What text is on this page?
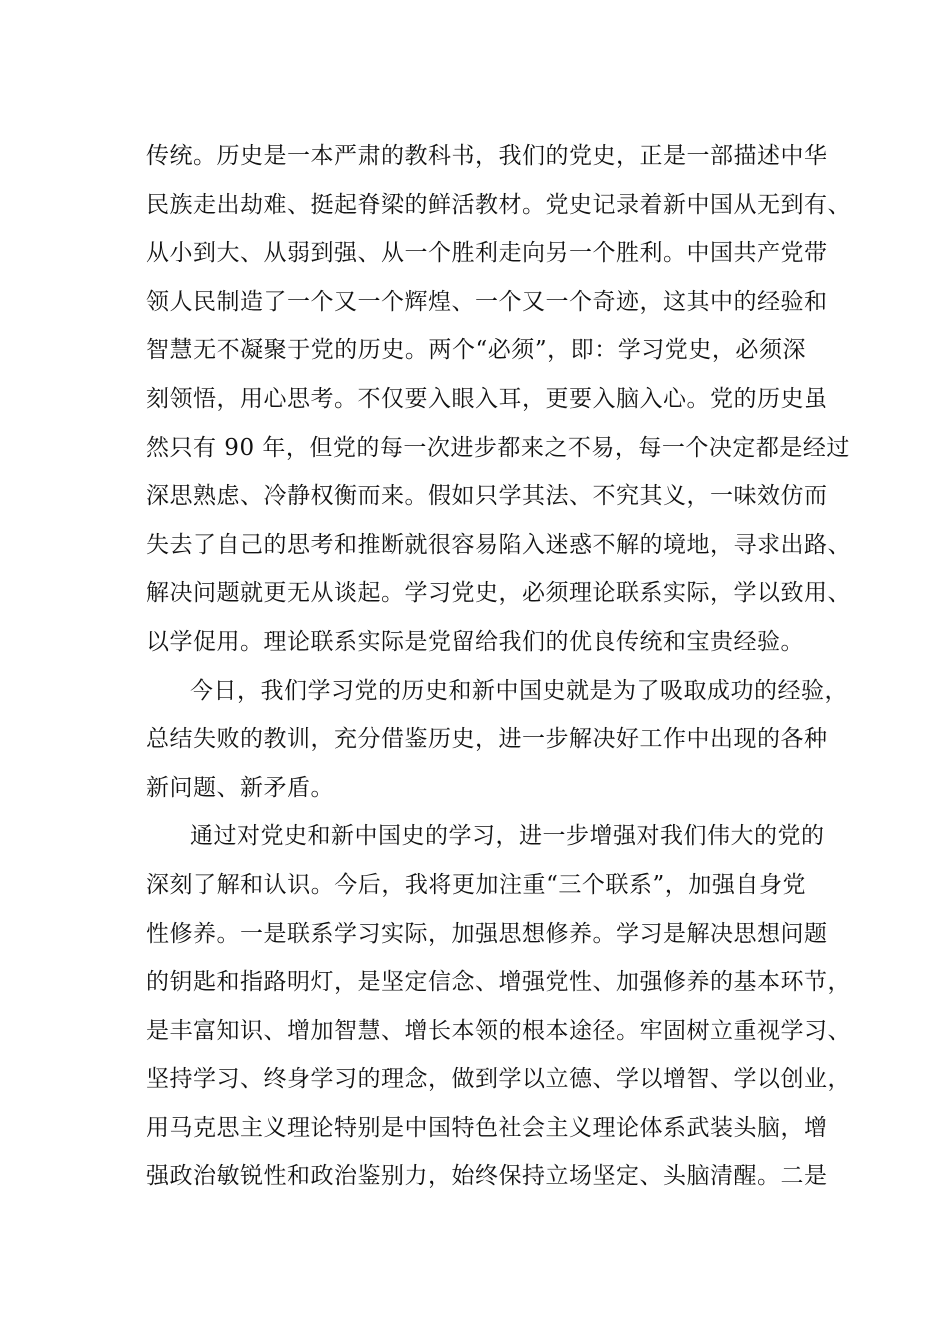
传统。历史是一本严肃的教科书，我们的党史，正是一部描述中华
民族走出劫难、挺起脊梁的鲜活教材。党史记录着新中国从无到有、
从小到大、从弱到强、从一个胜利走向另一个胜利。中国共产党带
领人民制造了一个又一个辉煌、一个又一个奇迹，这其中的经验和
智慧无不凝聚于党的历史。两个“必须”，即：学习党史，必须深
刻领悟，用心思考。不仅要入眼入耳，更要入脑入心。党的历史虽
然只有 90 年，但党的每一次进步都来之不易，每一个决定都是经过
深思熟虑、冷静权衡而来。假如只学其法、不究其义，一味效仿而
失去了自己的思考和推断就很容易陷入迷惑不解的境地，寻求出路、
解决问题就更无从谈起。学习党史，必须理论联系实际，学以致用、
以学促用。理论联系实际是党留给我们的优良传统和宝贵经验。
今日，我们学习党的历史和新中国史就是为了吸取成功的经验，
总结失败的教训，充分借鉴历史，进一步解决好工作中出现的各种
新问题、新矛盾。
通过对党史和新中国史的学习，进一步增强对我们伟大的党的
深刻了解和认识。今后，我将更加注重“三个联系”，加强自身党
性修养。一是联系学习实际，加强思想修养。学习是解决思想问题
的钥匙和指路明灯，是坚定信念、增强党性、加强修养的基本环节，
是丰富知识、增加智慧、增长本领的根本途径。牢固树立重视学习、
坚持学习、终身学习的理念，做到学以立德、学以增智、学以创业，
用马克思主义理论特别是中国特色社会主义理论体系武装头脑，增
强政治敏锐性和政治鉴别力，始终保持立场坚定、头脑清醒。二是
